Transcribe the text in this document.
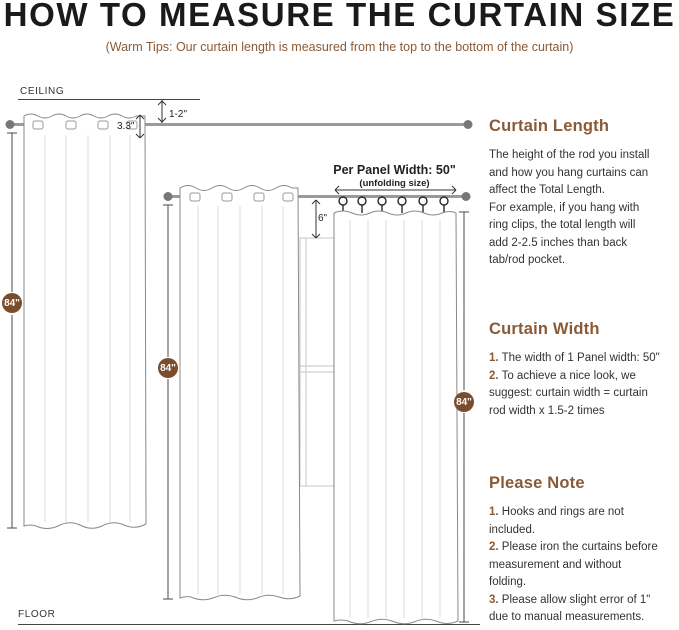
HOW TO MEASURE THE CURTAIN SIZE
(Warm Tips: Our curtain length is measured from the top to the bottom of the curtain)
CEILING
FLOOR
1-2"
3.3"
6"
84"
84"
84"
Per Panel Width: 50"
(unfolding size)
Curtain Length

The height of the rod you install

and how you hang curtains can

affect the Total Length.

For example, if you hang with

ring clips, the total length will

add 2-2.5 inches than back

tab/rod pocket.

Curtain Width

1. The width of 1 Panel width: 50"

2. To achieve a nice look, we

suggest: curtain width = curtain

rod width x 1.5-2 times

Please Note

1. Hooks and rings are not

included.

2. Please iron the curtains before

measurement and without

folding.

3. Please allow slight error of 1"

due to manual measurements.
